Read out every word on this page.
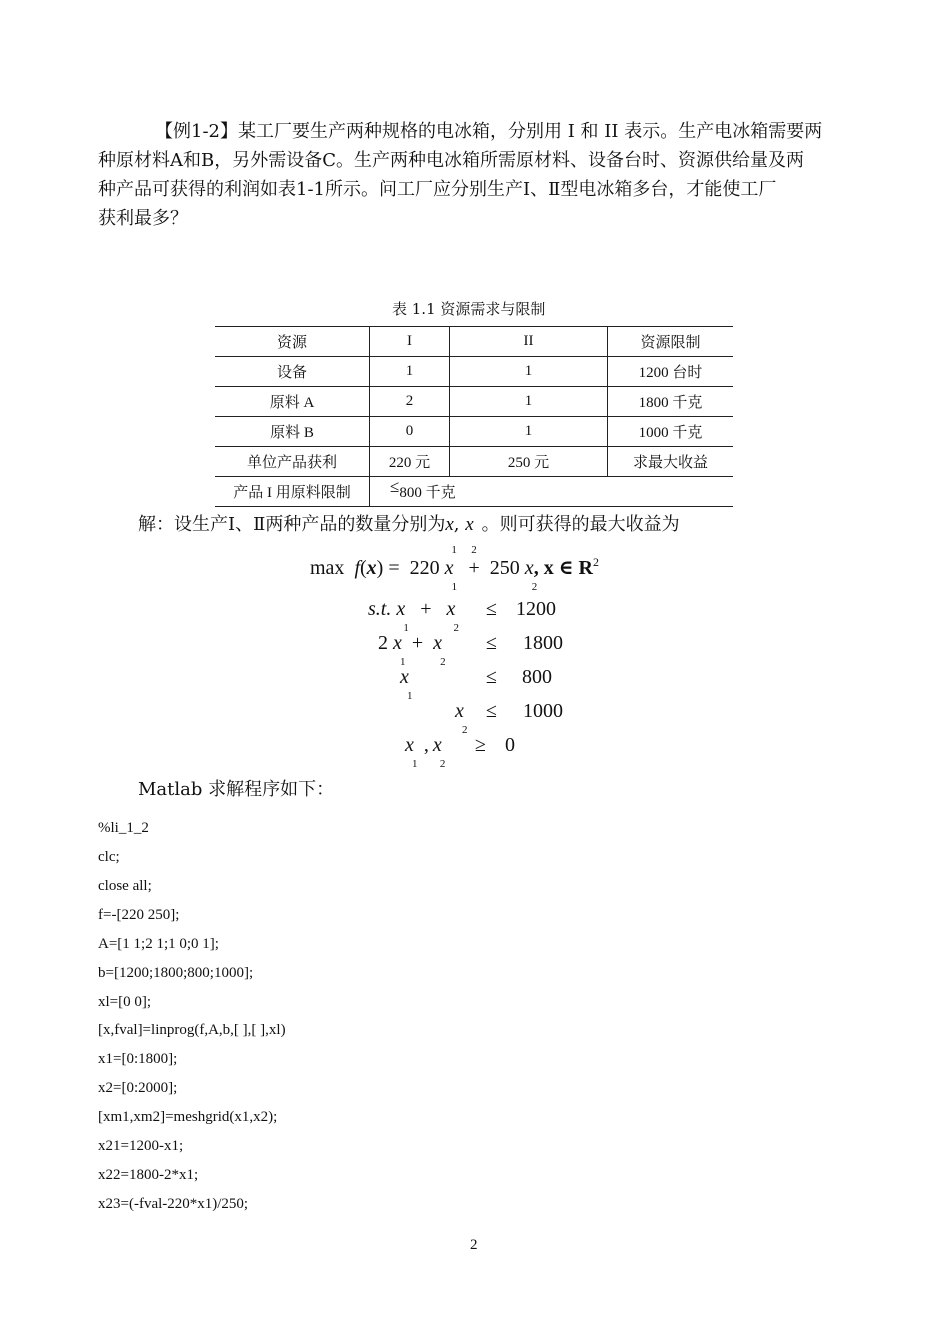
【例1-2】某工厂要生产两种规格的电冰箱，分别用 I 和 II 表示。生产电冰箱需要两
种原材料A和B，另外需设备C。生产两种电冰箱所需原材料、设备台时、资源供给量及两
种产品可获得的利润如表1-1所示。问工厂应分别生产Ⅰ、Ⅱ型电冰箱多台，才能使工厂
获利最多？
表 1.1 资源需求与限制
资源	I	II	资源限制
设备	1	1	1200 台时
原料 A	2	1	1800 千克
原料 B	0	1	1000 千克
单位产品获利	220 元	250 元	求最大收益
产品 I 用原料限制	≤800 千克		
解：设生产Ⅰ、Ⅱ两种产品的数量分别为x
1
, x
2
。则可获得的最大收益为
max f(x) = 220 x
1
+ 250 x
2
, x ∈ $R^2$
s.t. x
1
+   x
2
≤ 1200
2 x
1
+  x
2
≤ 1800
x
1
≤ 800
x
2
≤ 1000
x
1
, x
2
≥ 0
Matlab 求解程序如下：
%li_1_2
clc;
close all;
f=-[220 250];
A=[1 1;2 1;1 0;0 1];
b=[1200;1800;800;1000];
xl=[0 0];
[x,fval]=linprog(f,A,b,[ ],[ ],xl)
x1=[0:1800];
x2=[0:2000];
[xm1,xm2]=meshgrid(x1,x2);
x21=1200-x1;
x22=1800-2*x1;
x23=(-fval-220*x1)/250;
2
